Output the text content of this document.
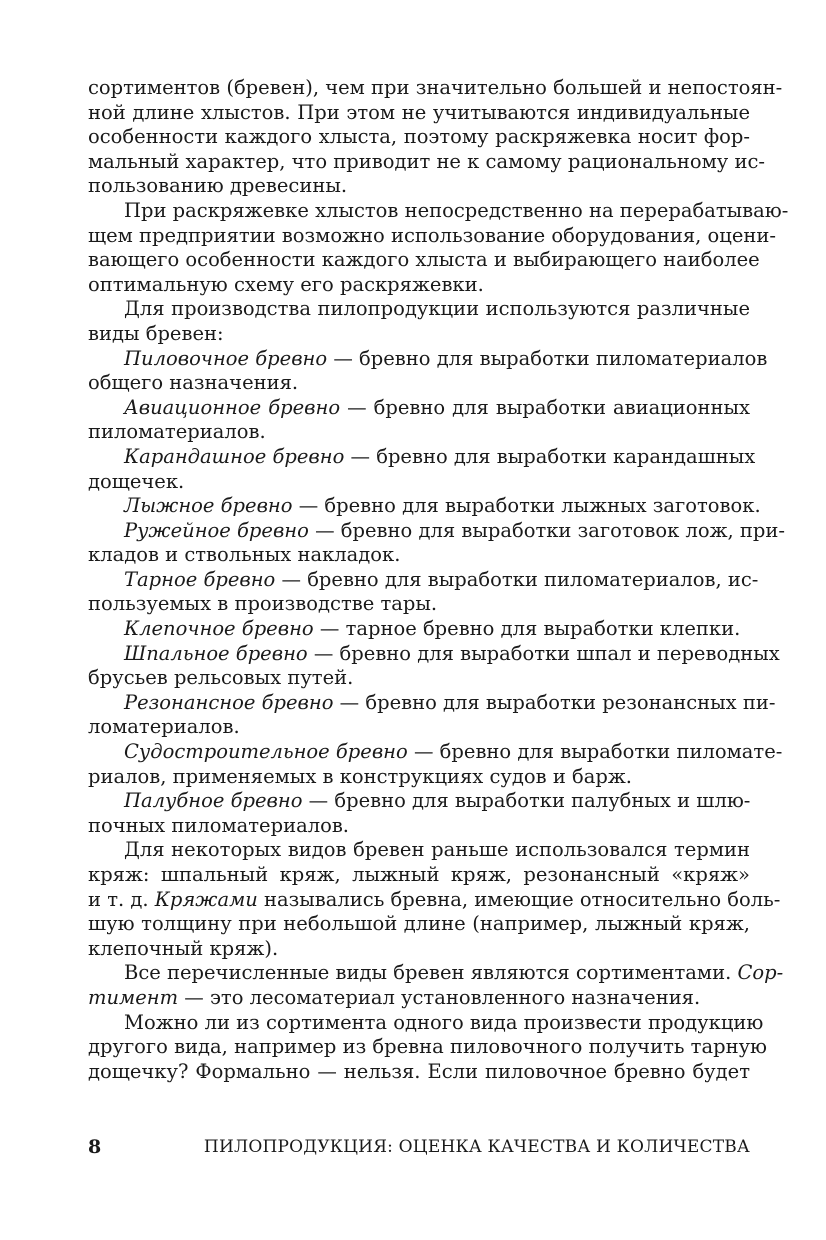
сортиментов (бревен), чем при значительно большей и непостоян-
ной длине хлыстов. При этом не учитываются индивидуальные
особенности каждого хлыста, поэтому раскряжевка носит фор-
мальный характер, что приводит не к самому рациональному ис-
пользованию древесины.
При раскряжевке хлыстов непосредственно на перерабатываю-
щем предприятии возможно использование оборудования, оцени-
вающего особенности каждого хлыста и выбирающего наиболее
оптимальную схему его раскряжевки.
Для производства пилопродукции используются различные
виды бревен:
Пиловочное бревно — бревно для выработки пиломатериалов
общего назначения.
Авиационное бревно — бревно для выработки авиационных
пиломатериалов.
Карандашное бревно — бревно для выработки карандашных
дощечек.
Лыжное бревно — бревно для выработки лыжных заготовок.
Ружейное бревно — бревно для выработки заготовок лож, при-
кладов и ствольных накладок.
Тарное бревно — бревно для выработки пиломатериалов, ис-
пользуемых в производстве тары.
Клепочное бревно — тарное бревно для выработки клепки.
Шпальное бревно — бревно для выработки шпал и переводных
брусьев рельсовых путей.
Резонансное бревно — бревно для выработки резонансных пи-
ломатериалов.
Судостроительное бревно — бревно для выработки пиломате-
риалов, применяемых в конструкциях судов и барж.
Палубное бревно — бревно для выработки палубных и шлю-
почных пиломатериалов.
Для некоторых видов бревен раньше использовался термин
кряж: шпальный кряж, лыжный кряж, резонансный «кряж»
и т. д. Кряжами назывались бревна, имеющие относительно боль-
шую толщину при небольшой длине (например, лыжный кряж,
клепочный кряж).
Все перечисленные виды бревен являются сортиментами. Сор-
тимент — это лесоматериал установленного назначения.
Можно ли из сортимента одного вида произвести продукцию
другого вида, например из бревна пиловочного получить тарную
дощечку? Формально — нельзя. Если пиловочное бревно будет
8	ПИЛОПРОДУКЦИЯ: ОЦЕНКА КАЧЕСТВА И КОЛИЧЕСТВА
